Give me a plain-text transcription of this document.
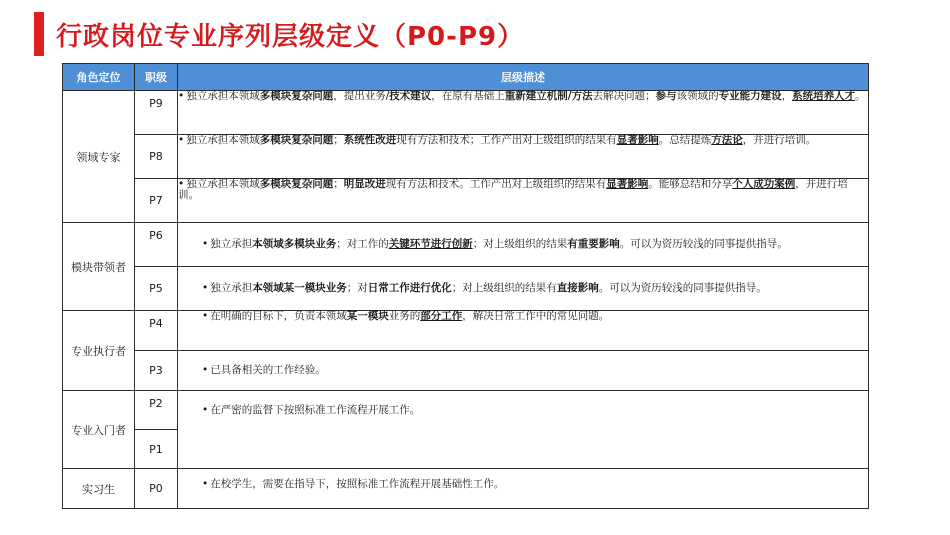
行政岗位专业序列层级定义（P0-P9）
角色定位	职级	层级描述
领域专家	P9	• 独立承担本领域多模块复杂问题，提出业务/技术建议，在原有基础上重新建立机制/方法去解决问题；参与该领域的专业能力建设，系统培养人才。
	P8	• 独立承担本领域多模块复杂问题；系统性改进现有方法和技术；工作产出对上级组织的结果有显著影响。总结提炼方法论，并进行培训。
	P7	• 独立承担本领域多模块复杂问题；明显改进现有方法和技术。工作产出对上级组织的结果有显著影响。能够总结和分享个人成功案例，并进行培训。
模块带领者	P6	• 独立承担本领域多模块业务；对工作的关键环节进行创新；对上级组织的结果有重要影响。可以为资历较浅的同事提供指导。
	P5	• 独立承担本领域某一模块业务；对日常工作进行优化；对上级组织的结果有直接影响。可以为资历较浅的同事提供指导。
专业执行者	P4	• 在明确的目标下，负责本领域某一模块业务的部分工作，解决日常工作中的常见问题。
	P3	• 已具备相关的工作经验。
专业入门者	P2	• 在严密的监督下按照标准工作流程开展工作。
	P1	
实习生	P0	• 在校学生，需要在指导下，按照标准工作流程开展基础性工作。
